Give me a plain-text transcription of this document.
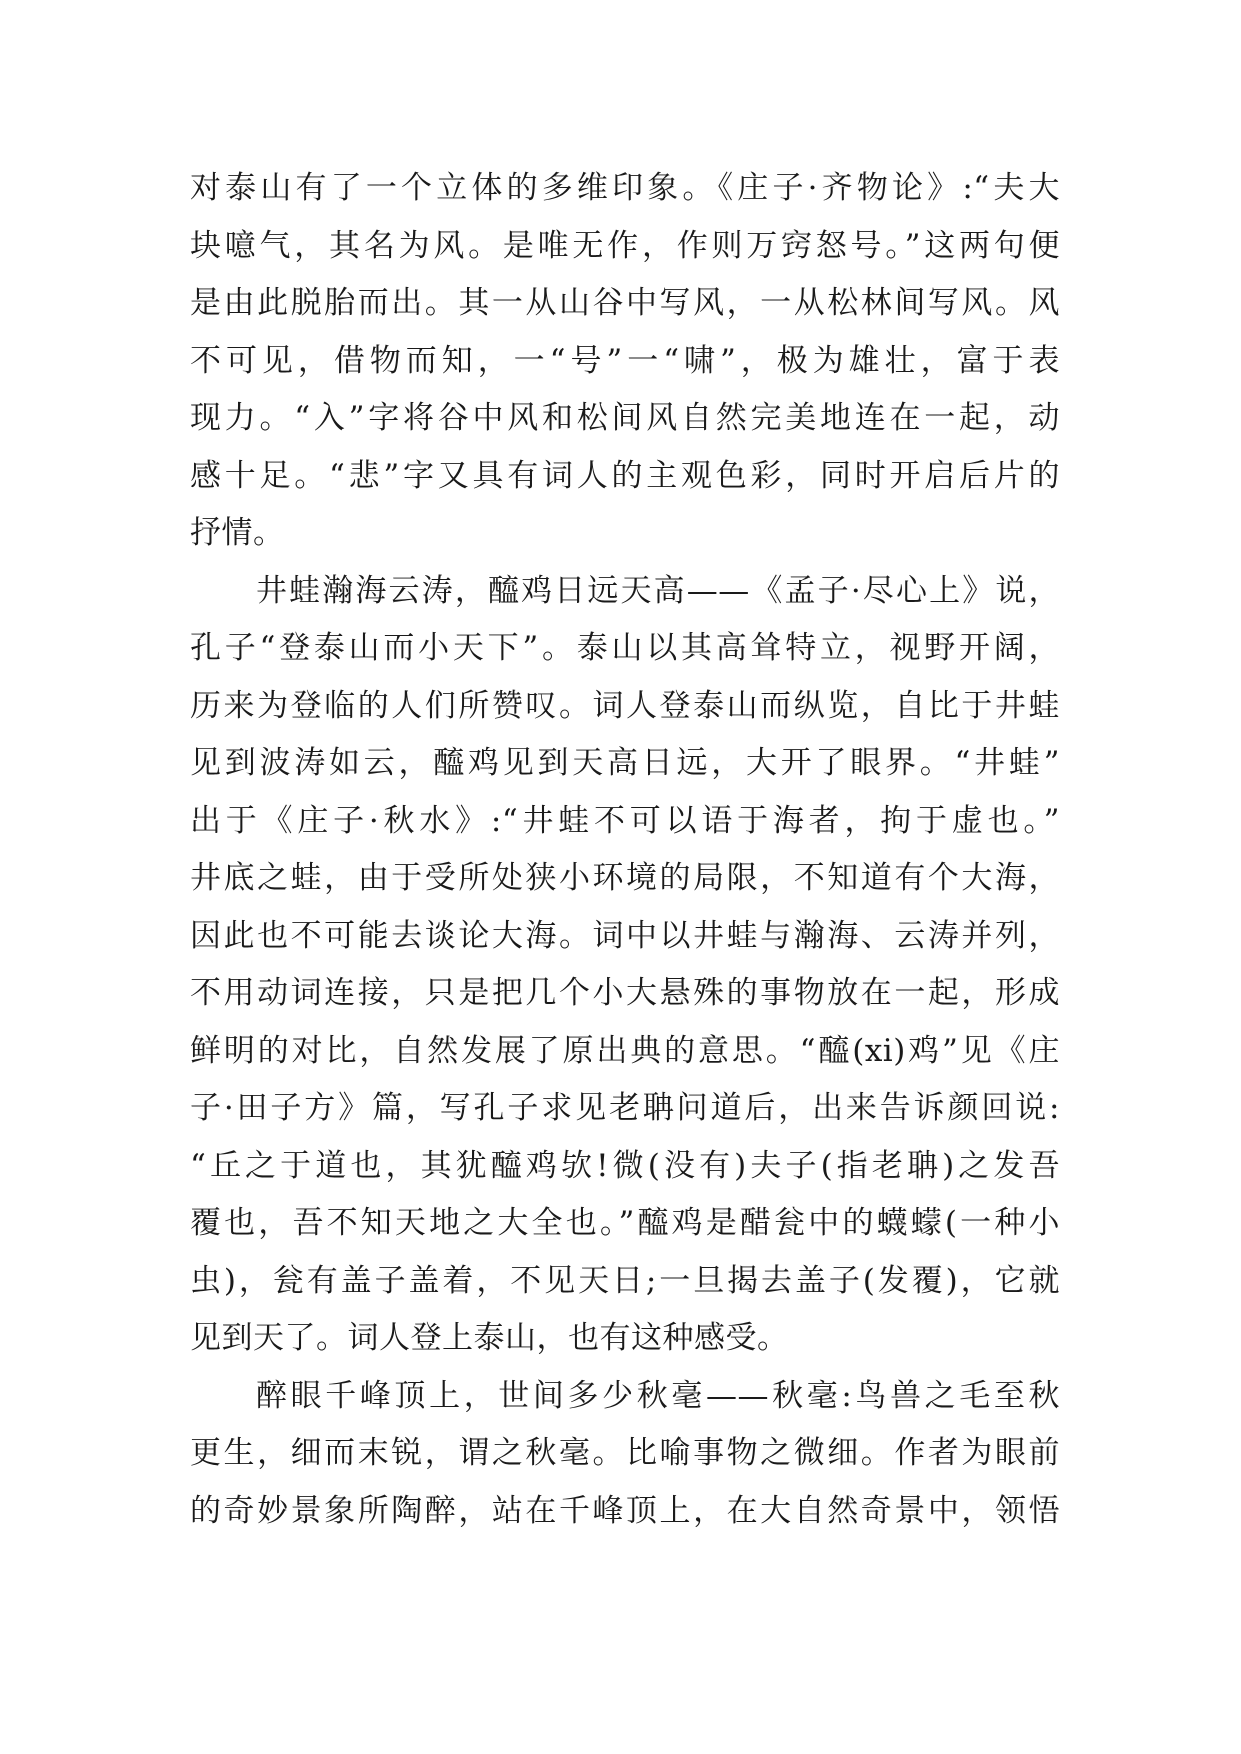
对泰山有了一个立体的多维印象。《庄子·齐物论》:“夫大
块噫气，其名为风。是唯无作，作则万窍怒号。”这两句便
是由此脱胎而出。其一从山谷中写风，一从松林间写风。风
不可见，借物而知，一“号”一“啸”，极为雄壮，富于表
现力。“入”字将谷中风和松间风自然完美地连在一起，动
感十足。“悲”字又具有词人的主观色彩，同时开启后片的
抒情。
井蛙瀚海云涛，醯鸡日远天高——《孟子·尽心上》说，
孔子“登泰山而小天下”。泰山以其高耸特立，视野开阔，
历来为登临的人们所赞叹。词人登泰山而纵览，自比于井蛙
见到波涛如云，醯鸡见到天高日远，大开了眼界。“井蛙”
出于《庄子·秋水》:“井蛙不可以语于海者，拘于虚也。”
井底之蛙，由于受所处狭小环境的局限，不知道有个大海，
因此也不可能去谈论大海。词中以井蛙与瀚海、云涛并列，
不用动词连接，只是把几个小大悬殊的事物放在一起，形成
鲜明的对比，自然发展了原出典的意思。“醯(xi)鸡”见《庄
子·田子方》篇，写孔子求见老聃问道后，出来告诉颜回说:
“丘之于道也，其犹醯鸡欤!微(没有)夫子(指老聃)之发吾
覆也，吾不知天地之大全也。”醯鸡是醋瓮中的蠛蠓(一种小
虫)，瓮有盖子盖着，不见天日;一旦揭去盖子(发覆)，它就
见到天了。词人登上泰山，也有这种感受。
醉眼千峰顶上，世间多少秋毫——秋毫:鸟兽之毛至秋
更生，细而末锐，谓之秋毫。比喻事物之微细。作者为眼前
的奇妙景象所陶醉，站在千峰顶上，在大自然奇景中，领悟
